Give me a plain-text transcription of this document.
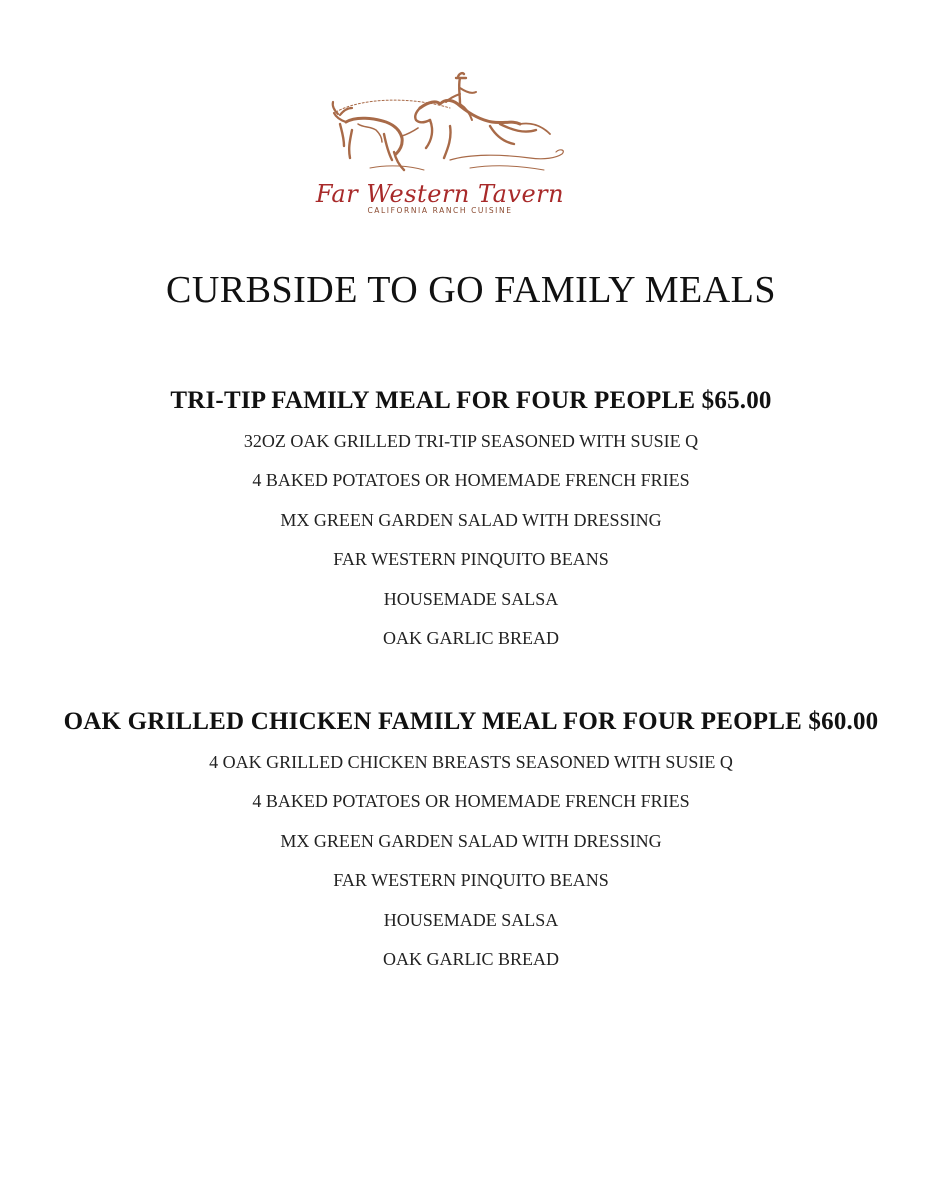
Far Western Tavern
CALIFORNIA RANCH CUISINE
CURBSIDE TO GO FAMILY MEALS
TRI-TIP FAMILY MEAL FOR FOUR PEOPLE $65.00
32OZ OAK GRILLED TRI-TIP SEASONED WITH SUSIE Q
4 BAKED POTATOES OR HOMEMADE FRENCH FRIES
MX GREEN GARDEN SALAD WITH DRESSING
FAR WESTERN PINQUITO BEANS
HOUSEMADE SALSA
OAK GARLIC BREAD
OAK GRILLED CHICKEN FAMILY MEAL FOR FOUR PEOPLE $60.00
4 OAK GRILLED CHICKEN BREASTS SEASONED WITH SUSIE Q
4 BAKED POTATOES OR HOMEMADE FRENCH FRIES
MX GREEN GARDEN SALAD WITH DRESSING
FAR WESTERN PINQUITO BEANS
HOUSEMADE SALSA
OAK GARLIC BREAD
